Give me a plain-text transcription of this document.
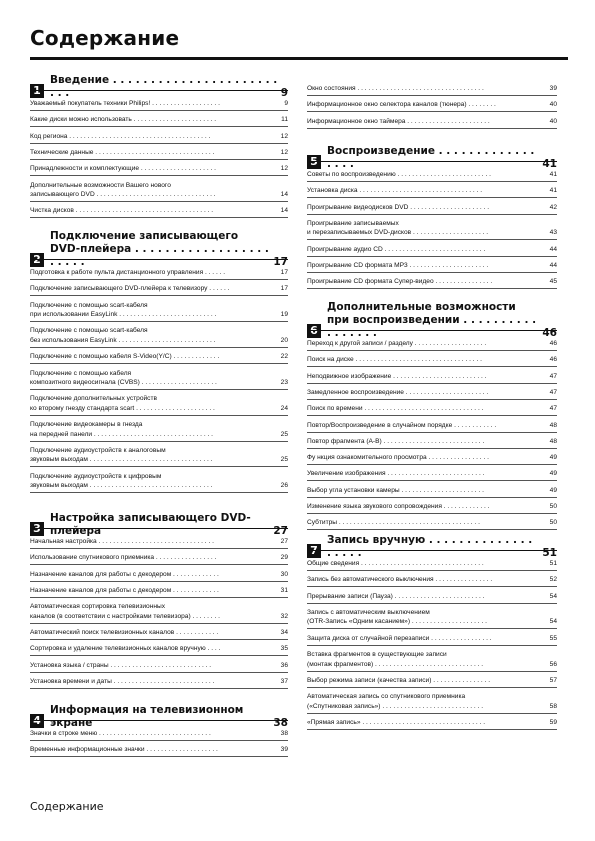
Содержание
1
Введение . . . . . . . . . . . . . . . . . . . . . . . . .	9
Уважаемый покупатель техники Philips! . . . . . . . . . . . . . . . . . . .	9
Какие диски можно использовать . . . . . . . . . . . . . . . . . . . . . . .	11
Код региона . . . . . . . . . . . . . . . . . . . . . . . . . . . . . . . . . . . . . . .	12
Технические данные . . . . . . . . . . . . . . . . . . . . . . . . . . . . . . . . .	12
Принадлежности и комплектующие . . . . . . . . . . . . . . . . . . . . .	12
Дополнительные возможности Вашего нового
записывающего DVD . . . . . . . . . . . . . . . . . . . . . . . . . . . . . . . . .	14
Чистка дисков . . . . . . . . . . . . . . . . . . . . . . . . . . . . . . . . . . . . . .	14
2
Подключение записывающего
DVD-плейера . . . . . . . . . . . . . . . . . . . . . . .	17
Подготовка к работе пульта дистанционного управления . . . . . .	17
Подключение записывающего DVD-плейера к телевизору . . . . . .	17
Подключение с помощью scart-кабеля
при использовании EasyLink . . . . . . . . . . . . . . . . . . . . . . . . . . .	19
Подключение с помощью scart-кабеля
без использования EasyLink . . . . . . . . . . . . . . . . . . . . . . . . . . .	20
Подключение с помощью кабеля S-Video(Y/C) . . . . . . . . . . . . .	22
Подключение с помощью кабеля
композитного видеосигнала (CVBS) . . . . . . . . . . . . . . . . . . . . .	23
Подключение дополнительных устройств
ко второму гнезду стандарта scart . . . . . . . . . . . . . . . . . . . . . .	24
Подключение видеокамеры в гнезда
на передней панели . . . . . . . . . . . . . . . . . . . . . . . . . . . . . . . . .	25
Подключение аудиоустройств к аналоговым
звуковым выходам . . . . . . . . . . . . . . . . . . . . . . . . . . . . . . . . . .	25
Подключение аудиоустройств к цифровым
звуковым выходам . . . . . . . . . . . . . . . . . . . . . . . . . . . . . . . . . .	26
3
Настройка записывающего DVD-плейера	27
Начальная настройка . . . . . . . . . . . . . . . . . . . . . . . . . . . . . . . .	27
Использование спутникового приемника . . . . . . . . . . . . . . . . .	29
Назначение каналов для работы с декодером . . . . . . . . . . . . .	30
Назначение каналов для работы с декодером . . . . . . . . . . . . .	31
Автоматическая сортировка телевизионных
каналов (в соответствии с настройками телевизора) . . . . . . . .	32
Автоматический поиск телевизионных каналов . . . . . . . . . . . .	34
Сортировка и удаление телевизионных каналов вручную . . . .	35
Установка языка / страны . . . . . . . . . . . . . . . . . . . . . . . . . . . .	36
Установка времени и даты . . . . . . . . . . . . . . . . . . . . . . . . . . . .	37
4
Информация на телевизионном экране	38
Значки в строке меню . . . . . . . . . . . . . . . . . . . . . . . . . . . . . . .	38
Временные информационные значки . . . . . . . . . . . . . . . . . . . .	39
Окно состояния . . . . . . . . . . . . . . . . . . . . . . . . . . . . . . . . . . .	39
Информационное окно селектора каналов (тюнера) . . . . . . . .	40
Информационное окно таймера . . . . . . . . . . . . . . . . . . . . . . .	40
5
Воспроизведение . . . . . . . . . . . . . . . . .	41
Советы по воспроизведению . . . . . . . . . . . . . . . . . . . . . . . . . .	41
Установка диска . . . . . . . . . . . . . . . . . . . . . . . . . . . . . . . . . .	41
Проигрывание видеодисков DVD . . . . . . . . . . . . . . . . . . . . . .	42
Проигрывание записываемых
и перезаписываемых DVD-дисков . . . . . . . . . . . . . . . . . . . . .	43
Проигрывание аудио CD . . . . . . . . . . . . . . . . . . . . . . . . . . . .	44
Проигрывание CD формата MP3 . . . . . . . . . . . . . . . . . . . . . .	44
Проигрывание CD формата Супер-видео . . . . . . . . . . . . . . . .	45
6
Дополнительные возможности
при воспроизведении . . . . . . . . . . . . . . . . .	46
Переход к другой записи / разделу . . . . . . . . . . . . . . . . . . . .	46
Поиск на диске . . . . . . . . . . . . . . . . . . . . . . . . . . . . . . . . . . .	46
Неподвижное изображение . . . . . . . . . . . . . . . . . . . . . . . . . .	47
Замедленное воспроизведение . . . . . . . . . . . . . . . . . . . . . . .	47
Поиск по времени . . . . . . . . . . . . . . . . . . . . . . . . . . . . . . . . .	47
Повтор/Воспроизведение в случайном порядке . . . . . . . . . . . .	48
Повтор фрагмента (A-B) . . . . . . . . . . . . . . . . . . . . . . . . . . . .	48
Фу нкция ознакомительного просмотра . . . . . . . . . . . . . . . . .	49
Увеличение изображения . . . . . . . . . . . . . . . . . . . . . . . . . . .	49
Выбор угла установки камеры . . . . . . . . . . . . . . . . . . . . . . .	49
Изменение языка звукового сопровождения . . . . . . . . . . . . .	50
Субтитры . . . . . . . . . . . . . . . . . . . . . . . . . . . . . . . . . . . . . . .	50
7
Запись вручную . . . . . . . . . . . . . . . . . . .	51
Общие сведения . . . . . . . . . . . . . . . . . . . . . . . . . . . . . . . . . .	51
Запись без автоматического выключения . . . . . . . . . . . . . . . .	52
Прерывание записи (Пауза) . . . . . . . . . . . . . . . . . . . . . . . . .	54
Запись с автоматическим выключением
(OTR-Запись «Одним касанием») . . . . . . . . . . . . . . . . . . . . .	54
Защита диска от случайной перезаписи . . . . . . . . . . . . . . . . .	55
Вставка фрагментов в существующие записи
(монтаж фрагментов) . . . . . . . . . . . . . . . . . . . . . . . . . . . . . .	56
Выбор режима записи (качества записи) . . . . . . . . . . . . . . . .	57
Автоматическая запись со спутникового приемника
(«Спутниковая запись») . . . . . . . . . . . . . . . . . . . . . . . . . . . .	58
«Прямая запись» . . . . . . . . . . . . . . . . . . . . . . . . . . . . . . . . . .	59
Содержание
